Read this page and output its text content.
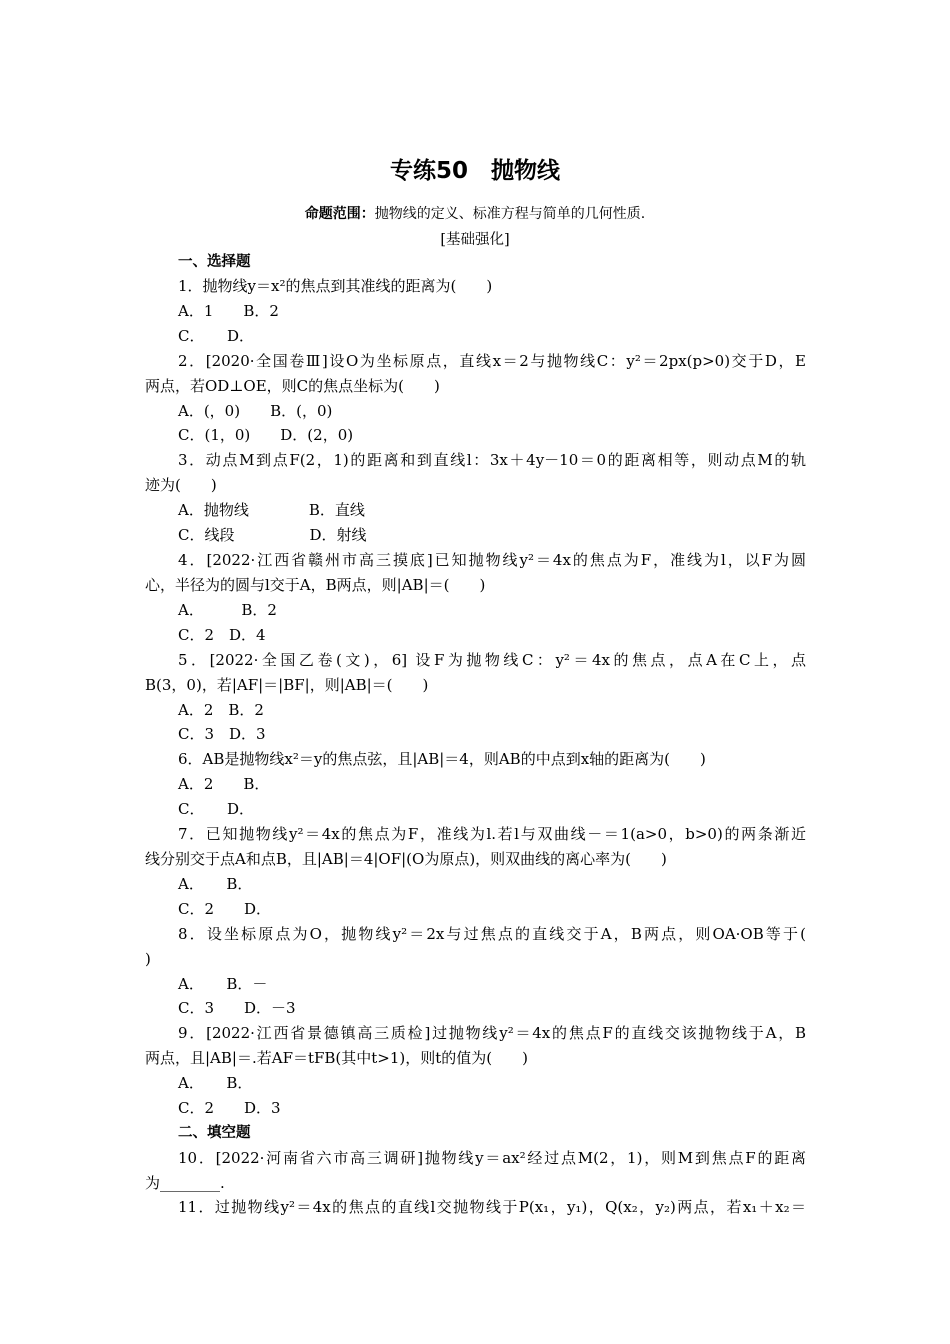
专练50　抛物线
命题范围：抛物线的定义、标准方程与简单的几何性质.
[基础强化]
一、选择题
1．抛物线y＝x²的焦点到其准线的距离为(　　)
A．1　　B．2
C．　　D．
2．[2020·全国卷Ⅲ]设O为坐标原点，直线x＝2与抛物线C：y²＝2px(p>0)交于D，E
两点，若OD⊥OE，则C的焦点坐标为(　　)
A．(，0)　　B．(，0)
C．(1，0)　　D．(2，0)
3．动点M到点F(2，1)的距离和到直线l：3x＋4y－10＝0的距离相等，则动点M的轨
迹为(　　)
A．抛物线　　　　B．直线
C．线段　　　　　D．射线
4．[2022·江西省赣州市高三摸底]已知抛物线y²＝4x的焦点为F，准线为l，以F为圆
心，半径为的圆与l交于A，B两点，则|AB|＝(　　)
A．　　　B．2
C．2　D．4
5．[2022·全国乙卷(文)，6] 设F为抛物线C：y²＝4x的焦点，点A在C上，点
B(3，0)，若|AF|＝|BF|，则|AB|＝(　　)
A．2　B．2
C．3　D．3
6．AB是抛物线x²＝y的焦点弦，且|AB|＝4，则AB的中点到x轴的距离为(　　)
A．2　　B．
C．　　D．
7．已知抛物线y²＝4x的焦点为F，准线为l.若l与双曲线－＝1(a>0，b>0)的两条渐近
线分别交于点A和点B，且|AB|＝4|OF|(O为原点)，则双曲线的离心率为(　　)
A．　　B．
C．2　　D．
8．设坐标原点为O，抛物线y²＝2x与过焦点的直线交于A，B两点，则OA·OB等于(
)
A．　　B．－
C．3　　D．－3
9．[2022·江西省景德镇高三质检]过抛物线y²＝4x的焦点F的直线交该抛物线于A，B
两点，且|AB|＝.若AF＝tFB(其中t>1)，则t的值为(　　)
A．　　B．
C．2　　D．3
二、填空题
10．[2022·河南省六市高三调研]抛物线y＝ax²经过点M(2，1)，则M到焦点F的距离
为________.
11．过抛物线y²＝4x的焦点的直线l交抛物线于P(x₁，y₁)，Q(x₂，y₂)两点，若x₁＋x₂＝
